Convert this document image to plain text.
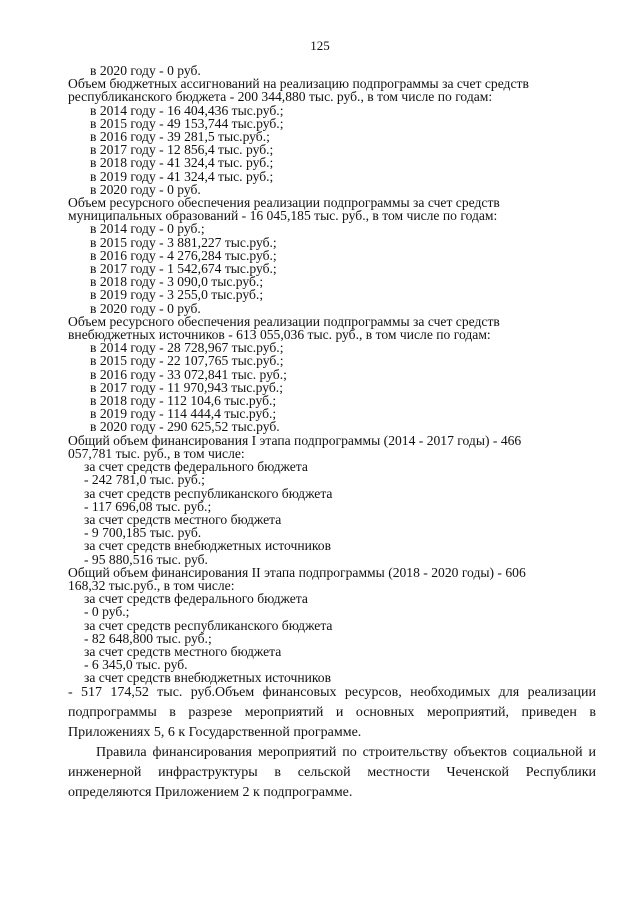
125
в 2020 году - 0 руб.
Объем бюджетных ассигнований на реализацию подпрограммы за счет средств
республиканского бюджета - 200 344,880 тыс. руб., в том числе по годам:
в 2014 году - 16 404,436 тыс.руб.;
в 2015 году - 49 153,744 тыс.руб.;
в 2016 году - 39 281,5 тыс.руб.;
в 2017 году - 12 856,4 тыс. руб.;
в 2018 году - 41 324,4 тыс. руб.;
в 2019 году - 41 324,4 тыс. руб.;
в 2020 году - 0 руб.
Объем ресурсного обеспечения реализации подпрограммы за счет средств
муниципальных образований - 16 045,185 тыс. руб., в том числе по годам:
в 2014 году - 0 руб.;
в 2015 году - 3 881,227 тыс.руб.;
в 2016 году - 4 276,284 тыс.руб.;
в 2017 году - 1 542,674 тыс.руб.;
в 2018 году - 3 090,0 тыс.руб.;
в 2019 году - 3 255,0 тыс.руб.;
в 2020 году - 0 руб.
Объем ресурсного обеспечения реализации подпрограммы за счет средств
внебюджетных источников - 613 055,036 тыс. руб., в том числе по годам:
в 2014 году - 28 728,967 тыс.руб.;
в 2015 году - 22 107,765 тыс.руб.;
в 2016 году - 33 072,841 тыс. руб.;
в 2017 году - 11 970,943 тыс.руб.;
в 2018 году - 112 104,6 тыс.руб.;
в 2019 году - 114 444,4 тыс.руб.;
в 2020 году - 290 625,52 тыс.руб.
Общий объем финансирования I этапа подпрограммы (2014 - 2017 годы) - 466
057,781 тыс. руб., в том числе:
за счет средств федерального бюджета
- 242 781,0 тыс. руб.;
за счет средств республиканского бюджета
- 117 696,08 тыс. руб.;
за счет средств местного бюджета
- 9 700,185 тыс. руб.
за счет средств внебюджетных источников
- 95 880,516 тыс. руб.
Общий объем финансирования II этапа подпрограммы (2018 - 2020 годы) - 606
168,32 тыс.руб., в том числе:
за счет средств федерального бюджета
- 0 руб.;
за счет средств республиканского бюджета
- 82 648,800 тыс. руб.;
за счет средств местного бюджета
- 6 345,0 тыс. руб.
за счет средств внебюджетных источников

- 517 174,52 тыс. руб.Объем финансовых ресурсов, необходимых для реализации подпрограммы в разрезе мероприятий и основных мероприятий, приведен в Приложениях 5, 6 к Государственной программе.

Правила финансирования мероприятий по строительству объектов социальной и инженерной инфраструктуры в сельской местности Чеченской Республики определяются Приложением 2 к подпрограмме.
